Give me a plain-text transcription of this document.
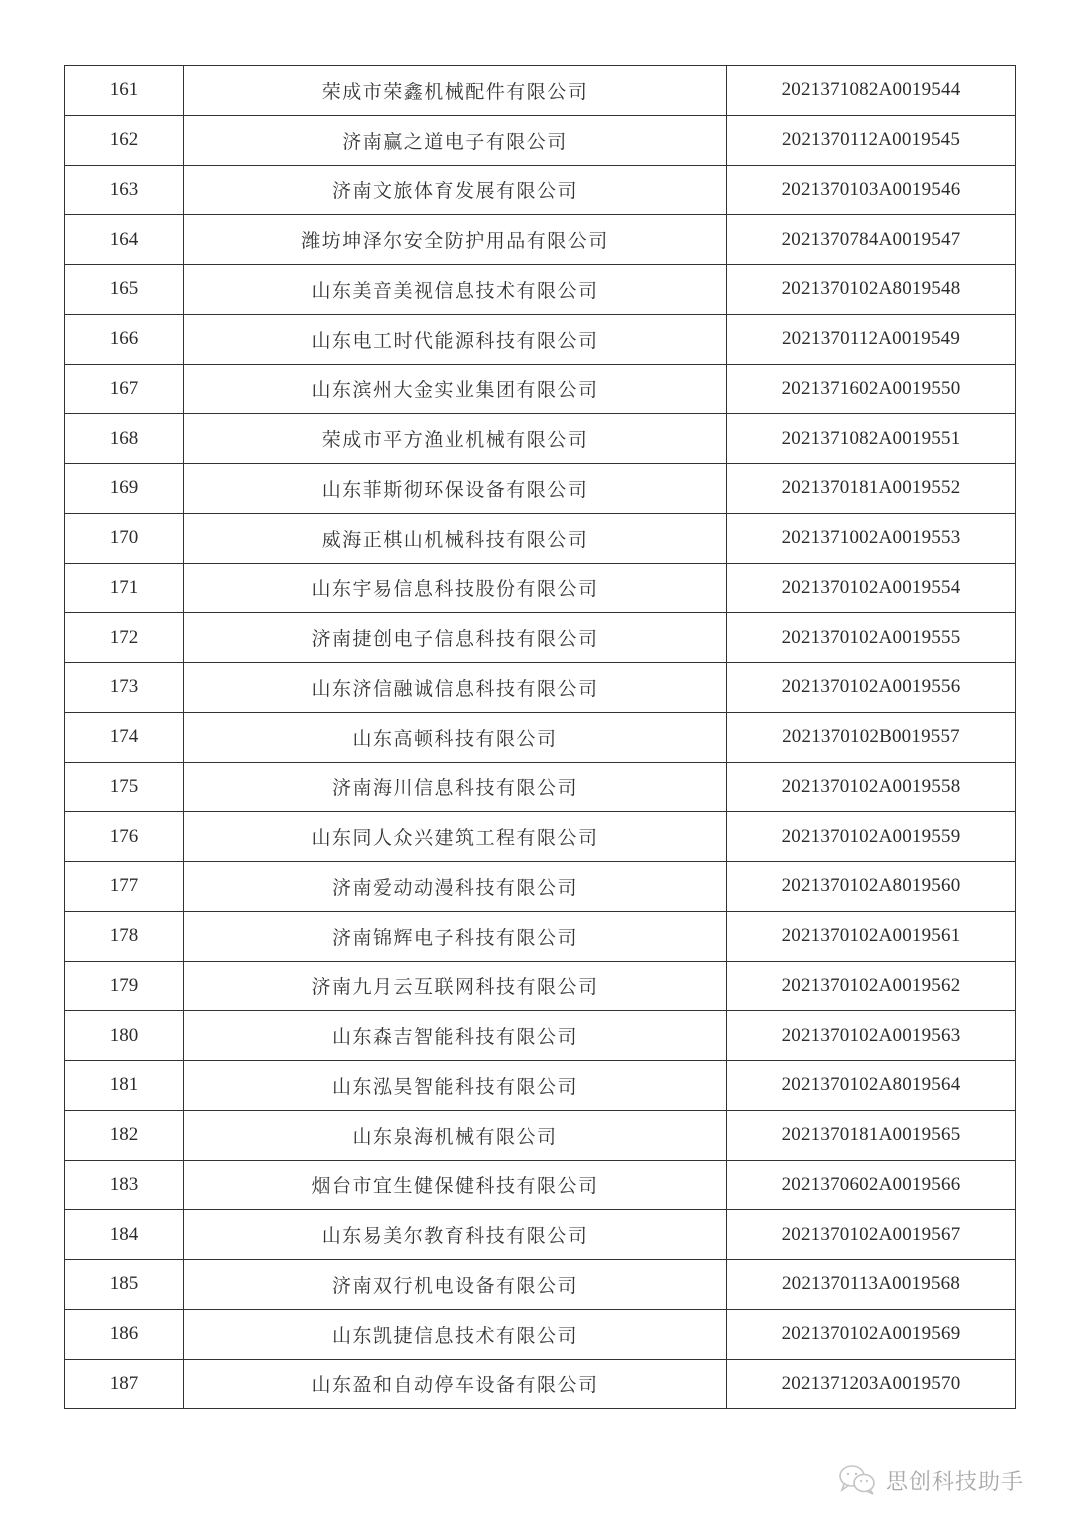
161	荣成市荣鑫机械配件有限公司	2021371082A0019544
162	济南赢之道电子有限公司	2021370112A0019545
163	济南文旅体育发展有限公司	2021370103A0019546
164	潍坊坤泽尔安全防护用品有限公司	2021370784A0019547
165	山东美音美视信息技术有限公司	2021370102A8019548
166	山东电工时代能源科技有限公司	2021370112A0019549
167	山东滨州大金实业集团有限公司	2021371602A0019550
168	荣成市平方渔业机械有限公司	2021371082A0019551
169	山东菲斯彻环保设备有限公司	2021370181A0019552
170	威海正棋山机械科技有限公司	2021371002A0019553
171	山东宇易信息科技股份有限公司	2021370102A0019554
172	济南捷创电子信息科技有限公司	2021370102A0019555
173	山东济信融诚信息科技有限公司	2021370102A0019556
174	山东高顿科技有限公司	2021370102B0019557
175	济南海川信息科技有限公司	2021370102A0019558
176	山东同人众兴建筑工程有限公司	2021370102A0019559
177	济南爱动动漫科技有限公司	2021370102A8019560
178	济南锦辉电子科技有限公司	2021370102A0019561
179	济南九月云互联网科技有限公司	2021370102A0019562
180	山东森吉智能科技有限公司	2021370102A0019563
181	山东泓昊智能科技有限公司	2021370102A8019564
182	山东泉海机械有限公司	2021370181A0019565
183	烟台市宜生健保健科技有限公司	2021370602A0019566
184	山东易美尔教育科技有限公司	2021370102A0019567
185	济南双行机电设备有限公司	2021370113A0019568
186	山东凯捷信息技术有限公司	2021370102A0019569
187	山东盈和自动停车设备有限公司	2021371203A0019570
思创科技助手
